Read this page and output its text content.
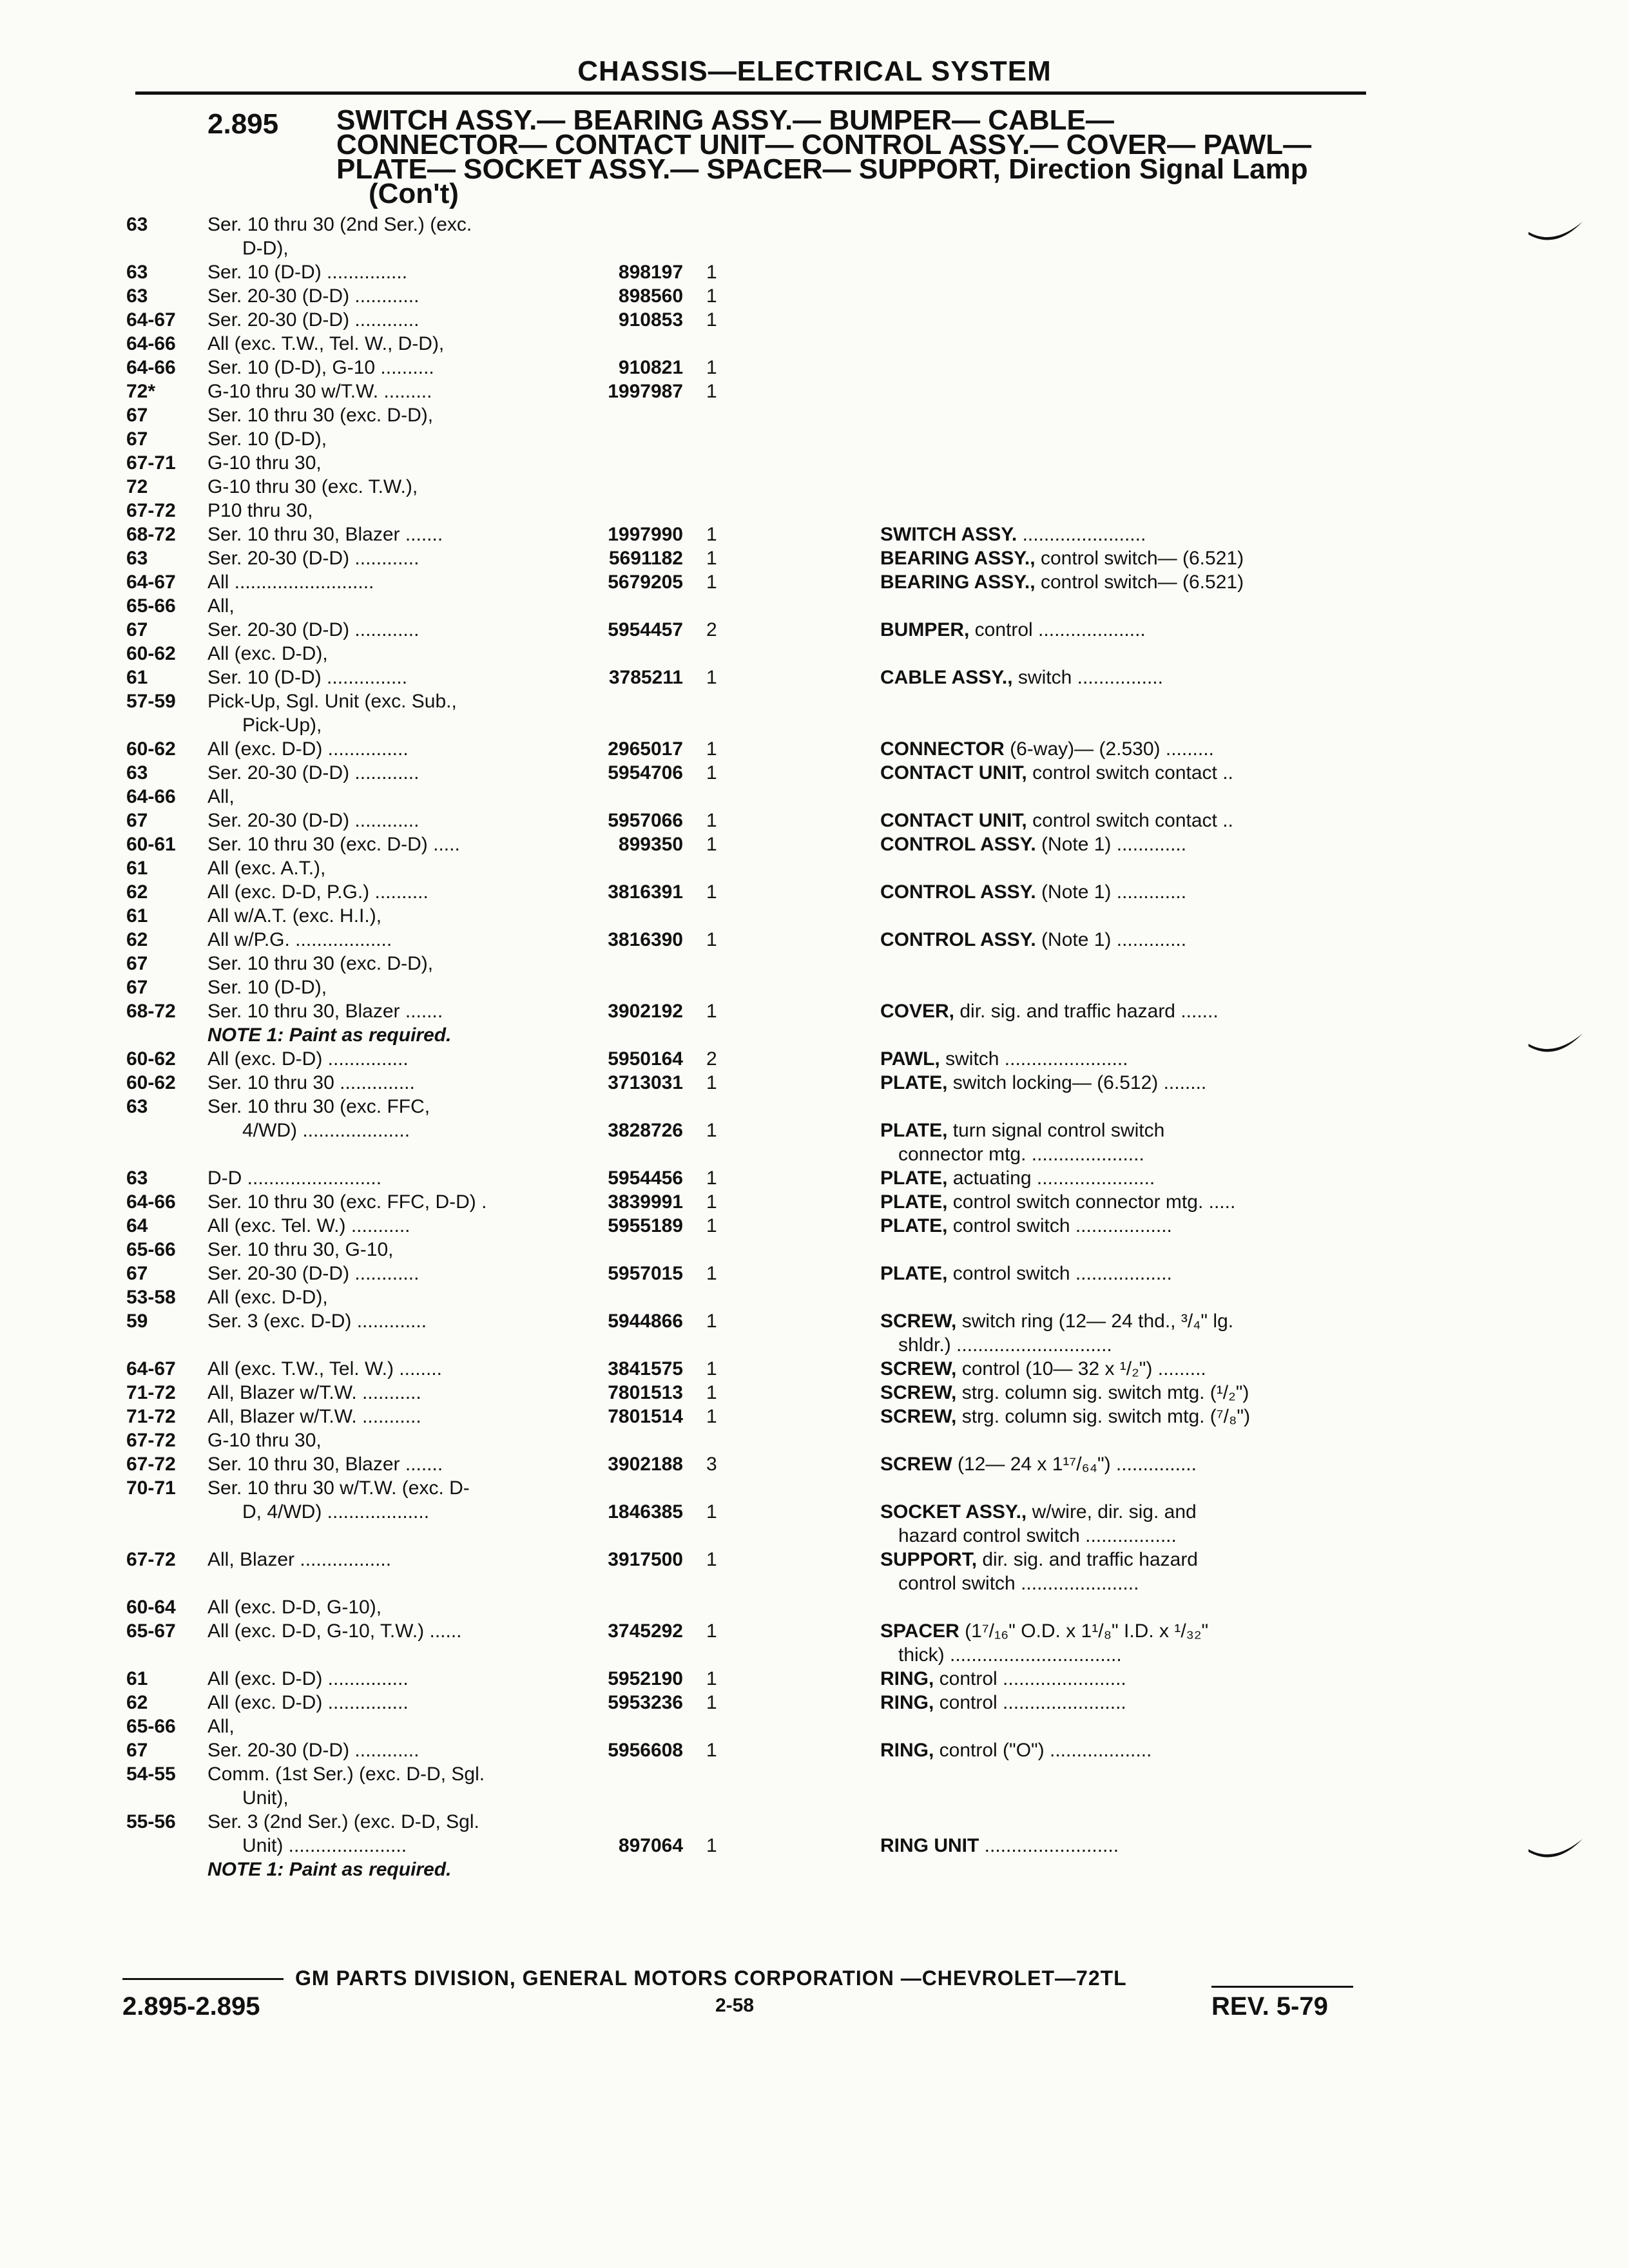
CHASSIS—ELECTRICAL SYSTEM
2.895 SWITCH ASSY.— BEARING ASSY.— BUMPER— CABLE—
CONNECTOR— CONTACT UNIT— CONTROL ASSY.— COVER— PAWL—
PLATE— SOCKET ASSY.— SPACER— SUPPORT, Direction Signal Lamp
(Con't)
63	Ser. 10 thru 30 (2nd Ser.) (exc.
D-D),
63	Ser. 10 (D-D) ...............	898197 1
63	Ser. 20-30 (D-D) ............	898560 1
64-67	Ser. 20-30 (D-D) ............	910853 1
64-66	All (exc. T.W., Tel. W., D-D),
64-66	Ser. 10 (D-D), G-10 ..........	910821 1
72*	G-10 thru 30 w/T.W. .........	1997987 1
67	Ser. 10 thru 30 (exc. D-D),
67	Ser. 10 (D-D),
67-71	G-10 thru 30,
72	G-10 thru 30 (exc. T.W.),
67-72	P10 thru 30,
68-72	Ser. 10 thru 30, Blazer .......	1997990 1	SWITCH ASSY. .......................
63	Ser. 20-30 (D-D) ............	5691182 1	BEARING ASSY., control switch— (6.521)
64-67	All ..........................	5679205 1	BEARING ASSY., control switch— (6.521)
65-66	All,
67	Ser. 20-30 (D-D) ............	5954457 2	BUMPER, control ....................
60-62	All (exc. D-D),
61	Ser. 10 (D-D) ...............	3785211 1	CABLE ASSY., switch ................
57-59	Pick-Up, Sgl. Unit (exc. Sub.,
Pick-Up),
60-62	All (exc. D-D) ...............	2965017 1	CONNECTOR (6-way)— (2.530) .........
63	Ser. 20-30 (D-D) ............	5954706 1	CONTACT UNIT, control switch contact ..
64-66	All,
67	Ser. 20-30 (D-D) ............	5957066 1	CONTACT UNIT, control switch contact ..
60-61	Ser. 10 thru 30 (exc. D-D) .....	899350 1	CONTROL ASSY. (Note 1) .............
61	All (exc. A.T.),
62	All (exc. D-D, P.G.) ..........	3816391 1	CONTROL ASSY. (Note 1) .............
61	All w/A.T. (exc. H.I.),
62	All w/P.G. ..................	3816390 1	CONTROL ASSY. (Note 1) .............
67	Ser. 10 thru 30 (exc. D-D),
67	Ser. 10 (D-D),
68-72	Ser. 10 thru 30, Blazer .......	3902192 1	COVER, dir. sig. and traffic hazard .......
NOTE 1: Paint as required.
60-62	All (exc. D-D) ...............	5950164 2	PAWL, switch .......................
60-62	Ser. 10 thru 30 ..............	3713031 1	PLATE, switch locking— (6.512) ........
63	Ser. 10 thru 30 (exc. FFC,
4/WD) ....................	3828726 1	PLATE, turn signal control switch
connector mtg. .....................
63	D-D .........................	5954456 1	PLATE, actuating ......................
64-66	Ser. 10 thru 30 (exc. FFC, D-D) .	3839991 1	PLATE, control switch connector mtg. .....
64	All (exc. Tel. W.) ...........	5955189 1	PLATE, control switch ..................
65-66	Ser. 10 thru 30, G-10,
67	Ser. 20-30 (D-D) ............	5957015 1	PLATE, control switch ..................
53-58	All (exc. D-D),
59	Ser. 3 (exc. D-D) .............	5944866 1	SCREW, switch ring (12— 24 thd., ³/₄" lg.
shldr.) .............................
64-67	All (exc. T.W., Tel. W.) ........	3841575 1	SCREW, control (10— 32 x ¹/₂") .........
71-72	All, Blazer w/T.W. ...........	7801513 1	SCREW, strg. column sig. switch mtg. (¹/₂")
71-72	All, Blazer w/T.W. ...........	7801514 1	SCREW, strg. column sig. switch mtg. (⁷/₈")
67-72	G-10 thru 30,
67-72	Ser. 10 thru 30, Blazer .......	3902188 3	SCREW (12— 24 x 1¹⁷/₆₄") ...............
70-71	Ser. 10 thru 30 w/T.W. (exc. D-
D, 4/WD) ...................	1846385 1	SOCKET ASSY., w/wire, dir. sig. and
hazard control switch .................
67-72	All, Blazer .................	3917500 1	SUPPORT, dir. sig. and traffic hazard
control switch ......................
60-64	All (exc. D-D, G-10),
65-67	All (exc. D-D, G-10, T.W.) ......	3745292 1	SPACER (1⁷/₁₆" O.D. x 1¹/₈" I.D. x ¹/₃₂"
thick) ................................
61	All (exc. D-D) ...............	5952190 1	RING, control .......................
62	All (exc. D-D) ...............	5953236 1	RING, control .......................
65-66	All,
67	Ser. 20-30 (D-D) ............	5956608 1	RING, control ("O") ...................
54-55	Comm. (1st Ser.) (exc. D-D, Sgl.
Unit),
55-56	Ser. 3 (2nd Ser.) (exc. D-D, Sgl.
Unit) ......................	897064 1	RING UNIT .........................
NOTE 1: Paint as required.
GM PARTS DIVISION, GENERAL MOTORS CORPORATION —CHEVROLET—72TL
2.895-2.895	2-58	REV. 5-79
